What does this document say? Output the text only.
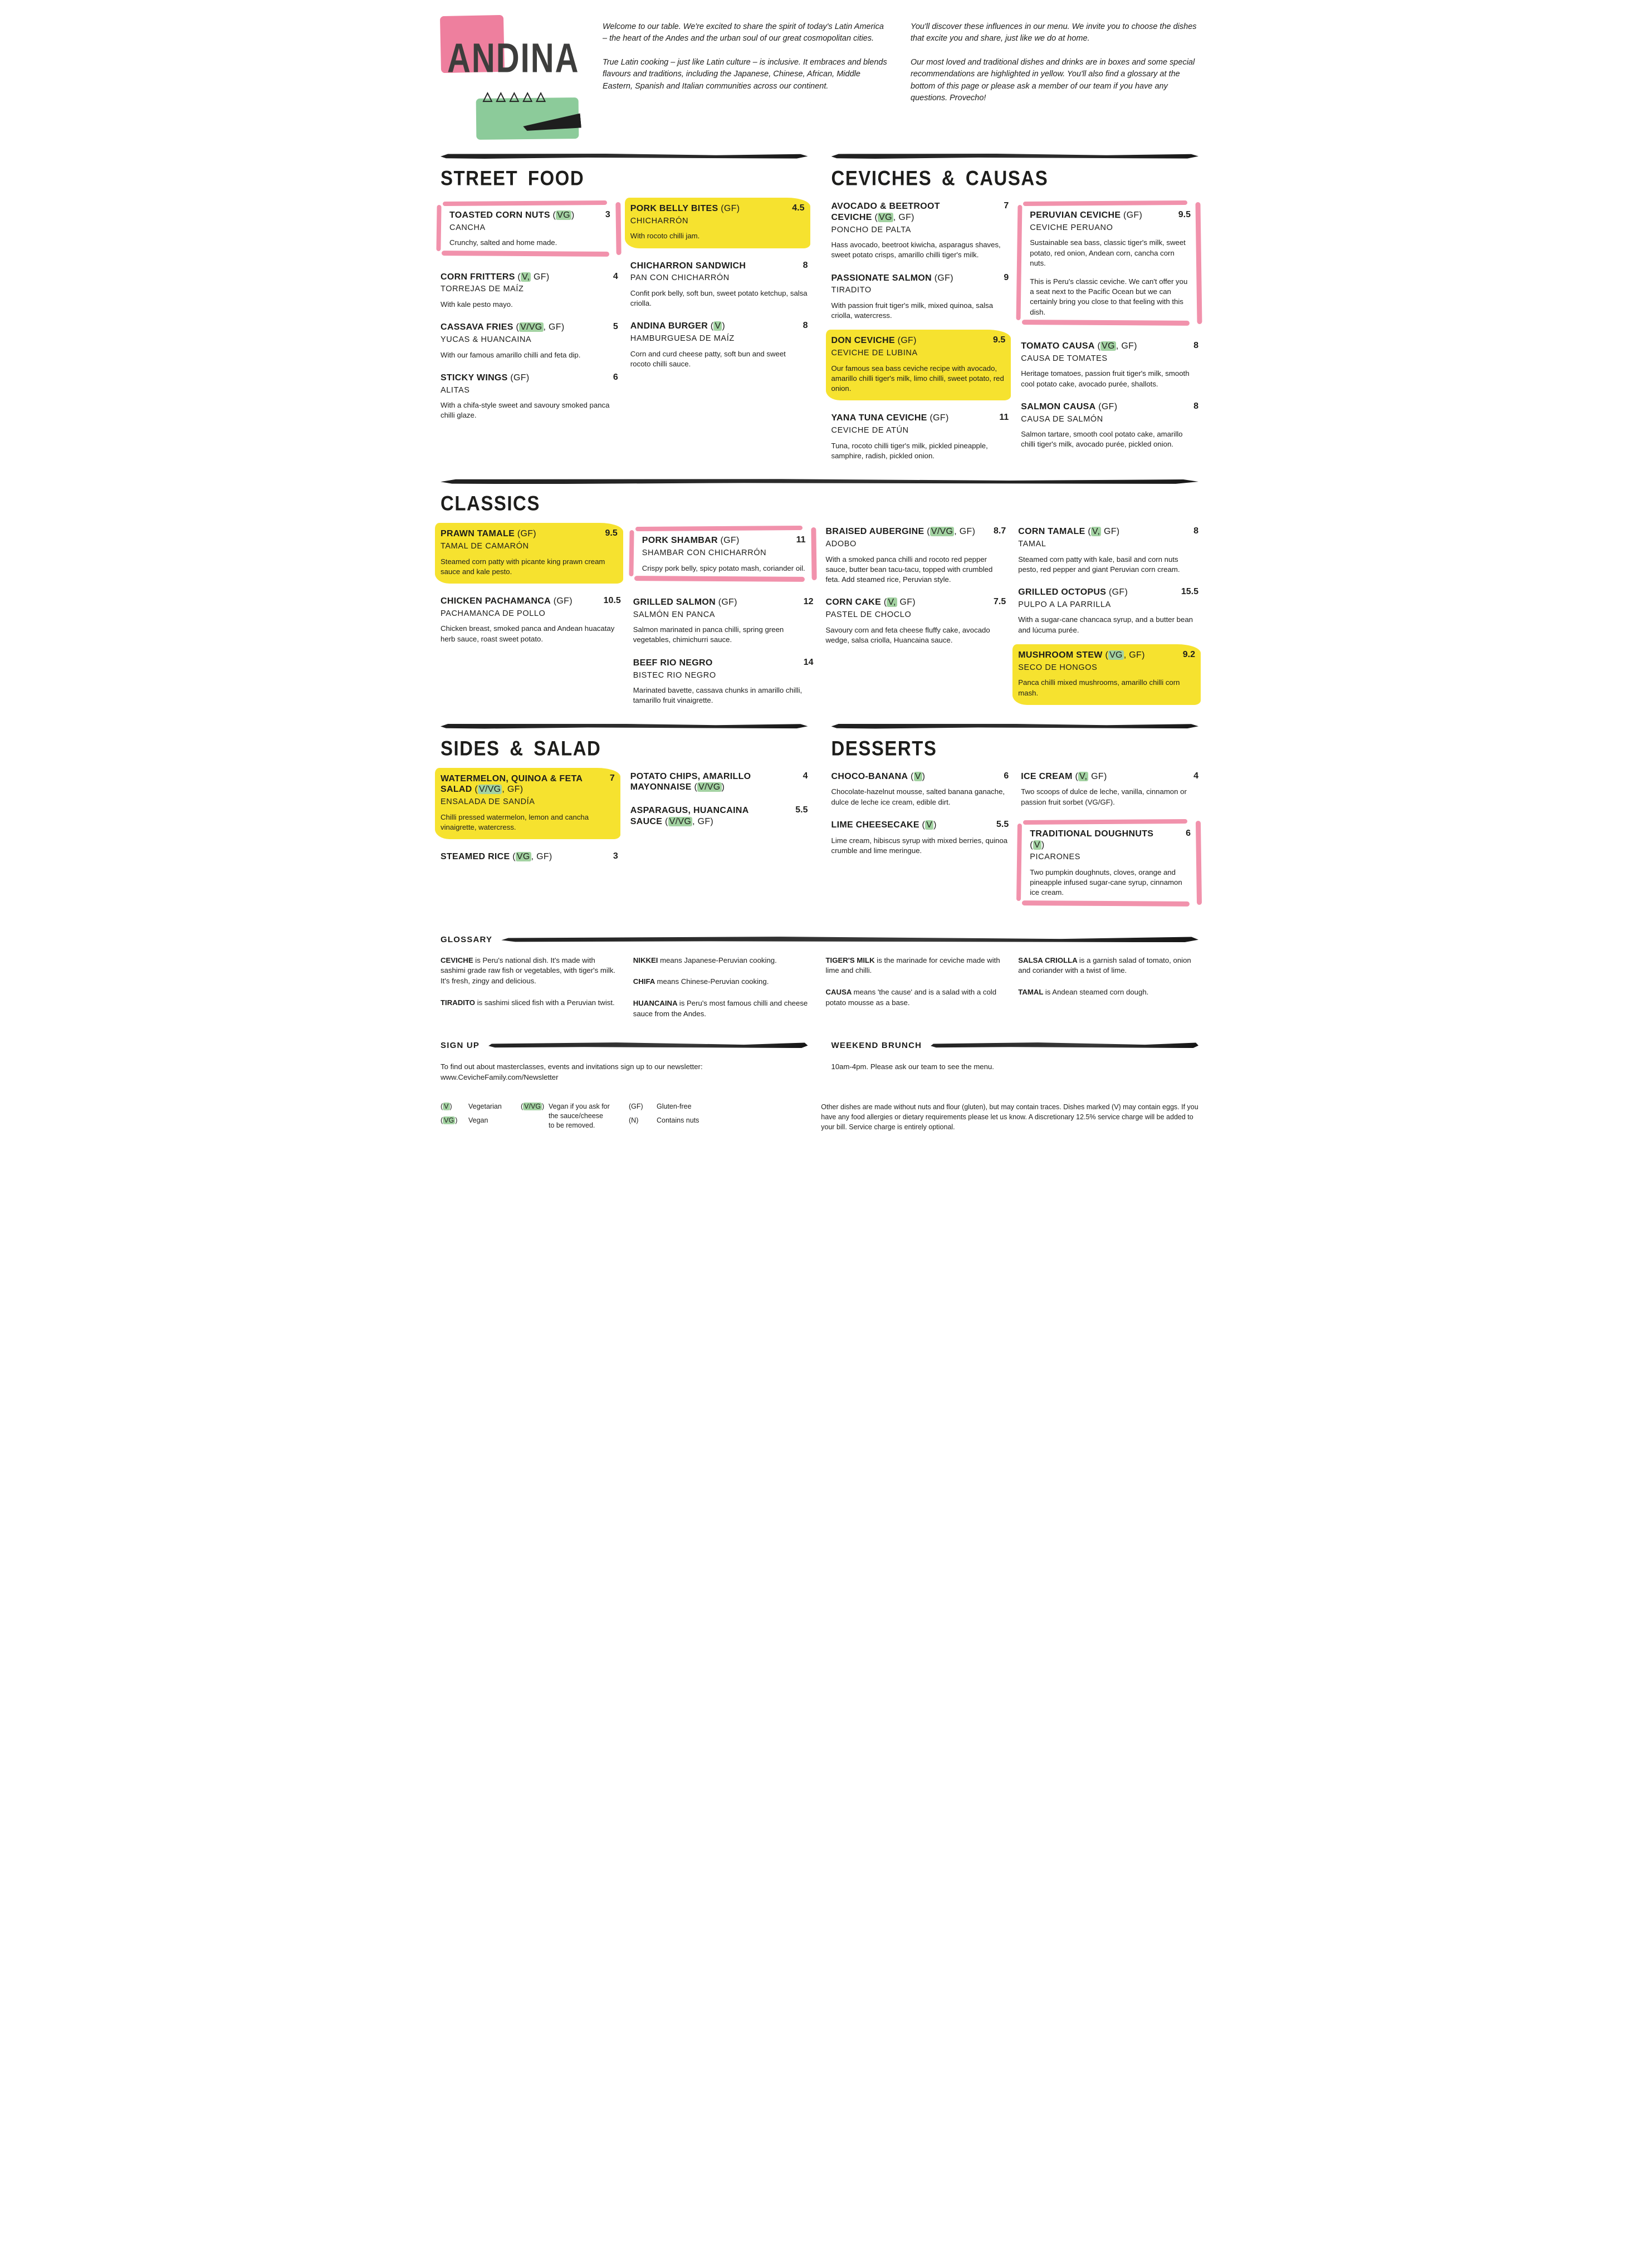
ANDINA
△△△△△

Welcome to our table. We're excited to share the spirit of today's Latin America – the heart of the Andes and the urban soul of our great cosmopolitan cities.

True Latin cooking – just like Latin culture – is inclusive. It embraces and blends flavours and traditions, including the Japanese, Chinese, African, Middle Eastern, Spanish and Italian communities across our continent.

You'll discover these influences in our menu. We invite you to choose the dishes that excite you and share, just like we do at home.

Our most loved and traditional dishes and drinks are in boxes and some special recommendations are highlighted in yellow. You'll also find a glossary at the bottom of this page or please ask a member of our team if you have any questions. Provecho!

STREET FOOD
TOASTED CORN NUTS ( VG )	3
CANCHA
Crunchy, salted and home made.
CORN FRITTERS ( V, GF)	4
TORREJAS DE MAÍZ
With kale pesto mayo.
CASSAVA FRIES ( V/VG , GF)	5
YUCAS & HUANCAINA
With our famous amarillo chilli and feta dip.
STICKY WINGS (GF)	6
ALITAS
With a chifa-style sweet and savoury smoked panca chilli glaze.
PORK BELLY BITES (GF)	4.5
CHICHARRÓN
With rocoto chilli jam.
CHICHARRON SANDWICH	8
PAN CON CHICHARRÓN
Confit pork belly, soft bun, sweet potato ketchup, salsa criolla.
ANDINA BURGER ( V )	8
HAMBURGUESA DE MAÍZ
Corn and curd cheese patty, soft bun and sweet rocoto chilli sauce.
CEVICHES & CAUSAS
AVOCADO & BEETROOT CEVICHE ( VG , GF)
7
PONCHO DE PALTA
Hass avocado, beetroot kiwicha, asparagus shaves, sweet potato crisps, amarillo chilli tiger's milk.
PASSIONATE SALMON (GF)	9
TIRADITO
With passion fruit tiger's milk, mixed quinoa, salsa criolla, watercress.
DON CEVICHE (GF)	9.5
CEVICHE DE LUBINA
Our famous sea bass ceviche recipe with avocado, amarillo chilli tiger's milk, limo chilli, sweet potato, red onion.
YANA TUNA CEVICHE (GF)	11
CEVICHE DE ATÚN
Tuna, rocoto chilli tiger's milk, pickled pineapple, samphire, radish, pickled onion.
PERUVIAN CEVICHE (GF)	9.5
CEVICHE PERUANO
Sustainable sea bass, classic tiger's milk, sweet potato, red onion, Andean corn, cancha corn nuts.
This is Peru's classic ceviche. We can't offer you a seat next to the Pacific Ocean but we can certainly bring you close to that feeling with this dish.
TOMATO CAUSA ( VG , GF)	8
CAUSA DE TOMATES
Heritage tomatoes, passion fruit tiger's milk, smooth cool potato cake, avocado purée, shallots.
SALMON CAUSA (GF)	8
CAUSA DE SALMÓN
Salmon tartare, smooth cool potato cake, amarillo chilli tiger's milk, avocado purée, pickled onion.
CLASSICS
PRAWN TAMALE (GF)	9.5
TAMAL DE CAMARÓN
Steamed corn patty with picante king prawn cream sauce and kale pesto.
CHICKEN PACHAMANCA (GF)	10.5
PACHAMANCA DE POLLO
Chicken breast, smoked panca and Andean huacatay herb sauce, roast sweet potato.
PORK SHAMBAR (GF)	11
SHAMBAR CON CHICHARRÓN
Crispy pork belly, spicy potato mash, coriander oil.
GRILLED SALMON (GF)	12
SALMÓN EN PANCA
Salmon marinated in panca chilli, spring green vegetables, chimichurri sauce.
BEEF RIO NEGRO	14
BISTEC RIO NEGRO
Marinated bavette, cassava chunks in amarillo chilli, tamarillo fruit vinaigrette.
BRAISED AUBERGINE ( V/VG , GF) 8.7
ADOBO
With a smoked panca chilli and rocoto red pepper sauce, butter bean tacu-tacu, topped with crumbled feta. Add steamed rice, Peruvian style.
CORN CAKE ( V, GF)	7.5
PASTEL DE CHOCLO
Savoury corn and feta cheese fluffy cake, avocado wedge, salsa criolla, Huancaina sauce.
CORN TAMALE ( V, GF)	8
TAMAL
Steamed corn patty with kale, basil and corn nuts pesto, red pepper and giant Peruvian corn cream.
GRILLED OCTOPUS (GF)	15.5
PULPO A LA PARRILLA
With a sugar-cane chancaca syrup, and a butter bean and lúcuma purée.
MUSHROOM STEW ( VG , GF)	9.2
SECO DE HONGOS
Panca chilli mixed mushrooms, amarillo chilli corn mash.
SIDES & SALAD
WATERMELON, QUINOA & FETA SALAD ( V/VG , GF)
7
ENSALADA DE SANDÍA
Chilli pressed watermelon, lemon and cancha vinaigrette, watercress.
STEAMED RICE ( VG , GF)	3
POTATO CHIPS, AMARILLO MAYONNAISE ( V/VG )
4
ASPARAGUS, HUANCAINA SAUCE ( V/VG , GF)
5.5
DESSERTS
CHOCO-BANANA ( V )	6
Chocolate-hazelnut mousse, salted banana ganache, dulce de leche ice cream, edible dirt.
LIME CHEESECAKE ( V )	5.5
Lime cream, hibiscus syrup with mixed berries, quinoa crumble and lime meringue.
ICE CREAM ( V, GF)	4
Two scoops of dulce de leche, vanilla, cinnamon or passion fruit sorbet (VG/GF).
TRADITIONAL DOUGHNUTS ( V )
6
PICARONES
Two pumpkin doughnuts, cloves, orange and pineapple infused sugar-cane syrup, cinnamon ice cream.
GLOSSARY
CEVICHE is Peru's national dish. It's made with sashimi grade raw fish or vegetables, with tiger's milk. It's fresh, zingy and delicious.
TIRADITO is sashimi sliced fish with a Peruvian twist.
NIKKEI means Japanese-Peruvian cooking.
CHIFA means Chinese-Peruvian cooking.
HUANCAINA is Peru's most famous chilli and cheese sauce from the Andes.
TIGER'S MILK is the marinade for ceviche made with lime and chilli.
CAUSA means 'the cause' and is a salad with a cold potato mousse as a base.
SALSA CRIOLLA is a garnish salad of tomato, onion and coriander with a twist of lime.
TAMAL is Andean steamed corn dough.
SIGN UP
To find out about masterclasses, events and invitations sign up to our newsletter:
www.CevicheFamily.com/Newsletter
WEEKEND BRUNCH
10am-4pm. Please ask our team to see the menu.
( V )	Vegetarian
( VG )	Vegan
( V/VG ) Vegan if you ask for the sauce/cheese to be removed.
(GF)	Gluten-free
(N)	Contains nuts
Other dishes are made without nuts and flour (gluten), but may contain traces. Dishes marked (V) may contain eggs. If you have any food allergies or dietary requirements please let us know. A discretionary 12.5% service charge will be added to your bill. Service charge is entirely optional.
